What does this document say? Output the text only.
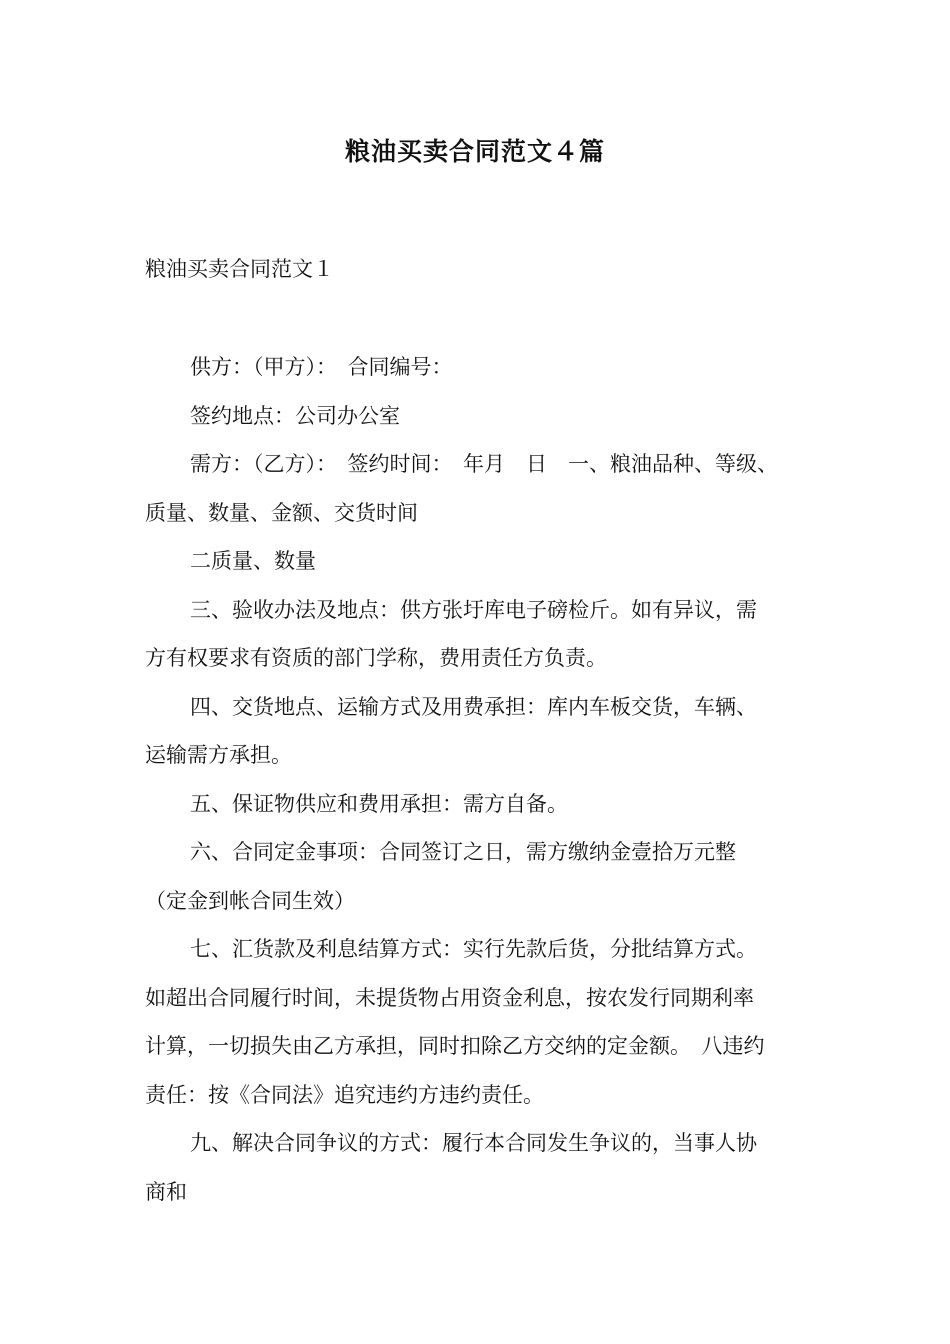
粮油买卖合同范文４篇
粮油买卖合同范文１
供方：（甲方）：　合同编号：
签约地点：公司办公室
需方：（乙方）：　签约时间：　年月　日　一、粮油品种、等级、
质量、数量、金额、交货时间
二质量、数量
三、验收办法及地点：供方张圩库电子磅检斤。如有异议，需
方有权要求有资质的部门学称，费用责任方负责。
四、交货地点、运输方式及用费承担：库内车板交货，车辆、
运输需方承担。
五、保证物供应和费用承担：需方自备。
六、合同定金事项：合同签订之日，需方缴纳金壹拾万元整
（定金到帐合同生效）
七、汇货款及利息结算方式：实行先款后货，分批结算方式。
如超出合同履行时间，未提货物占用资金利息，按农发行同期利率
计算，一切损失由乙方承担，同时扣除乙方交纳的定金额。　八违约
责任：按《合同法》追究违约方违约责任。
九、解决合同争议的方式：履行本合同发生争议的，当事人协
商和
